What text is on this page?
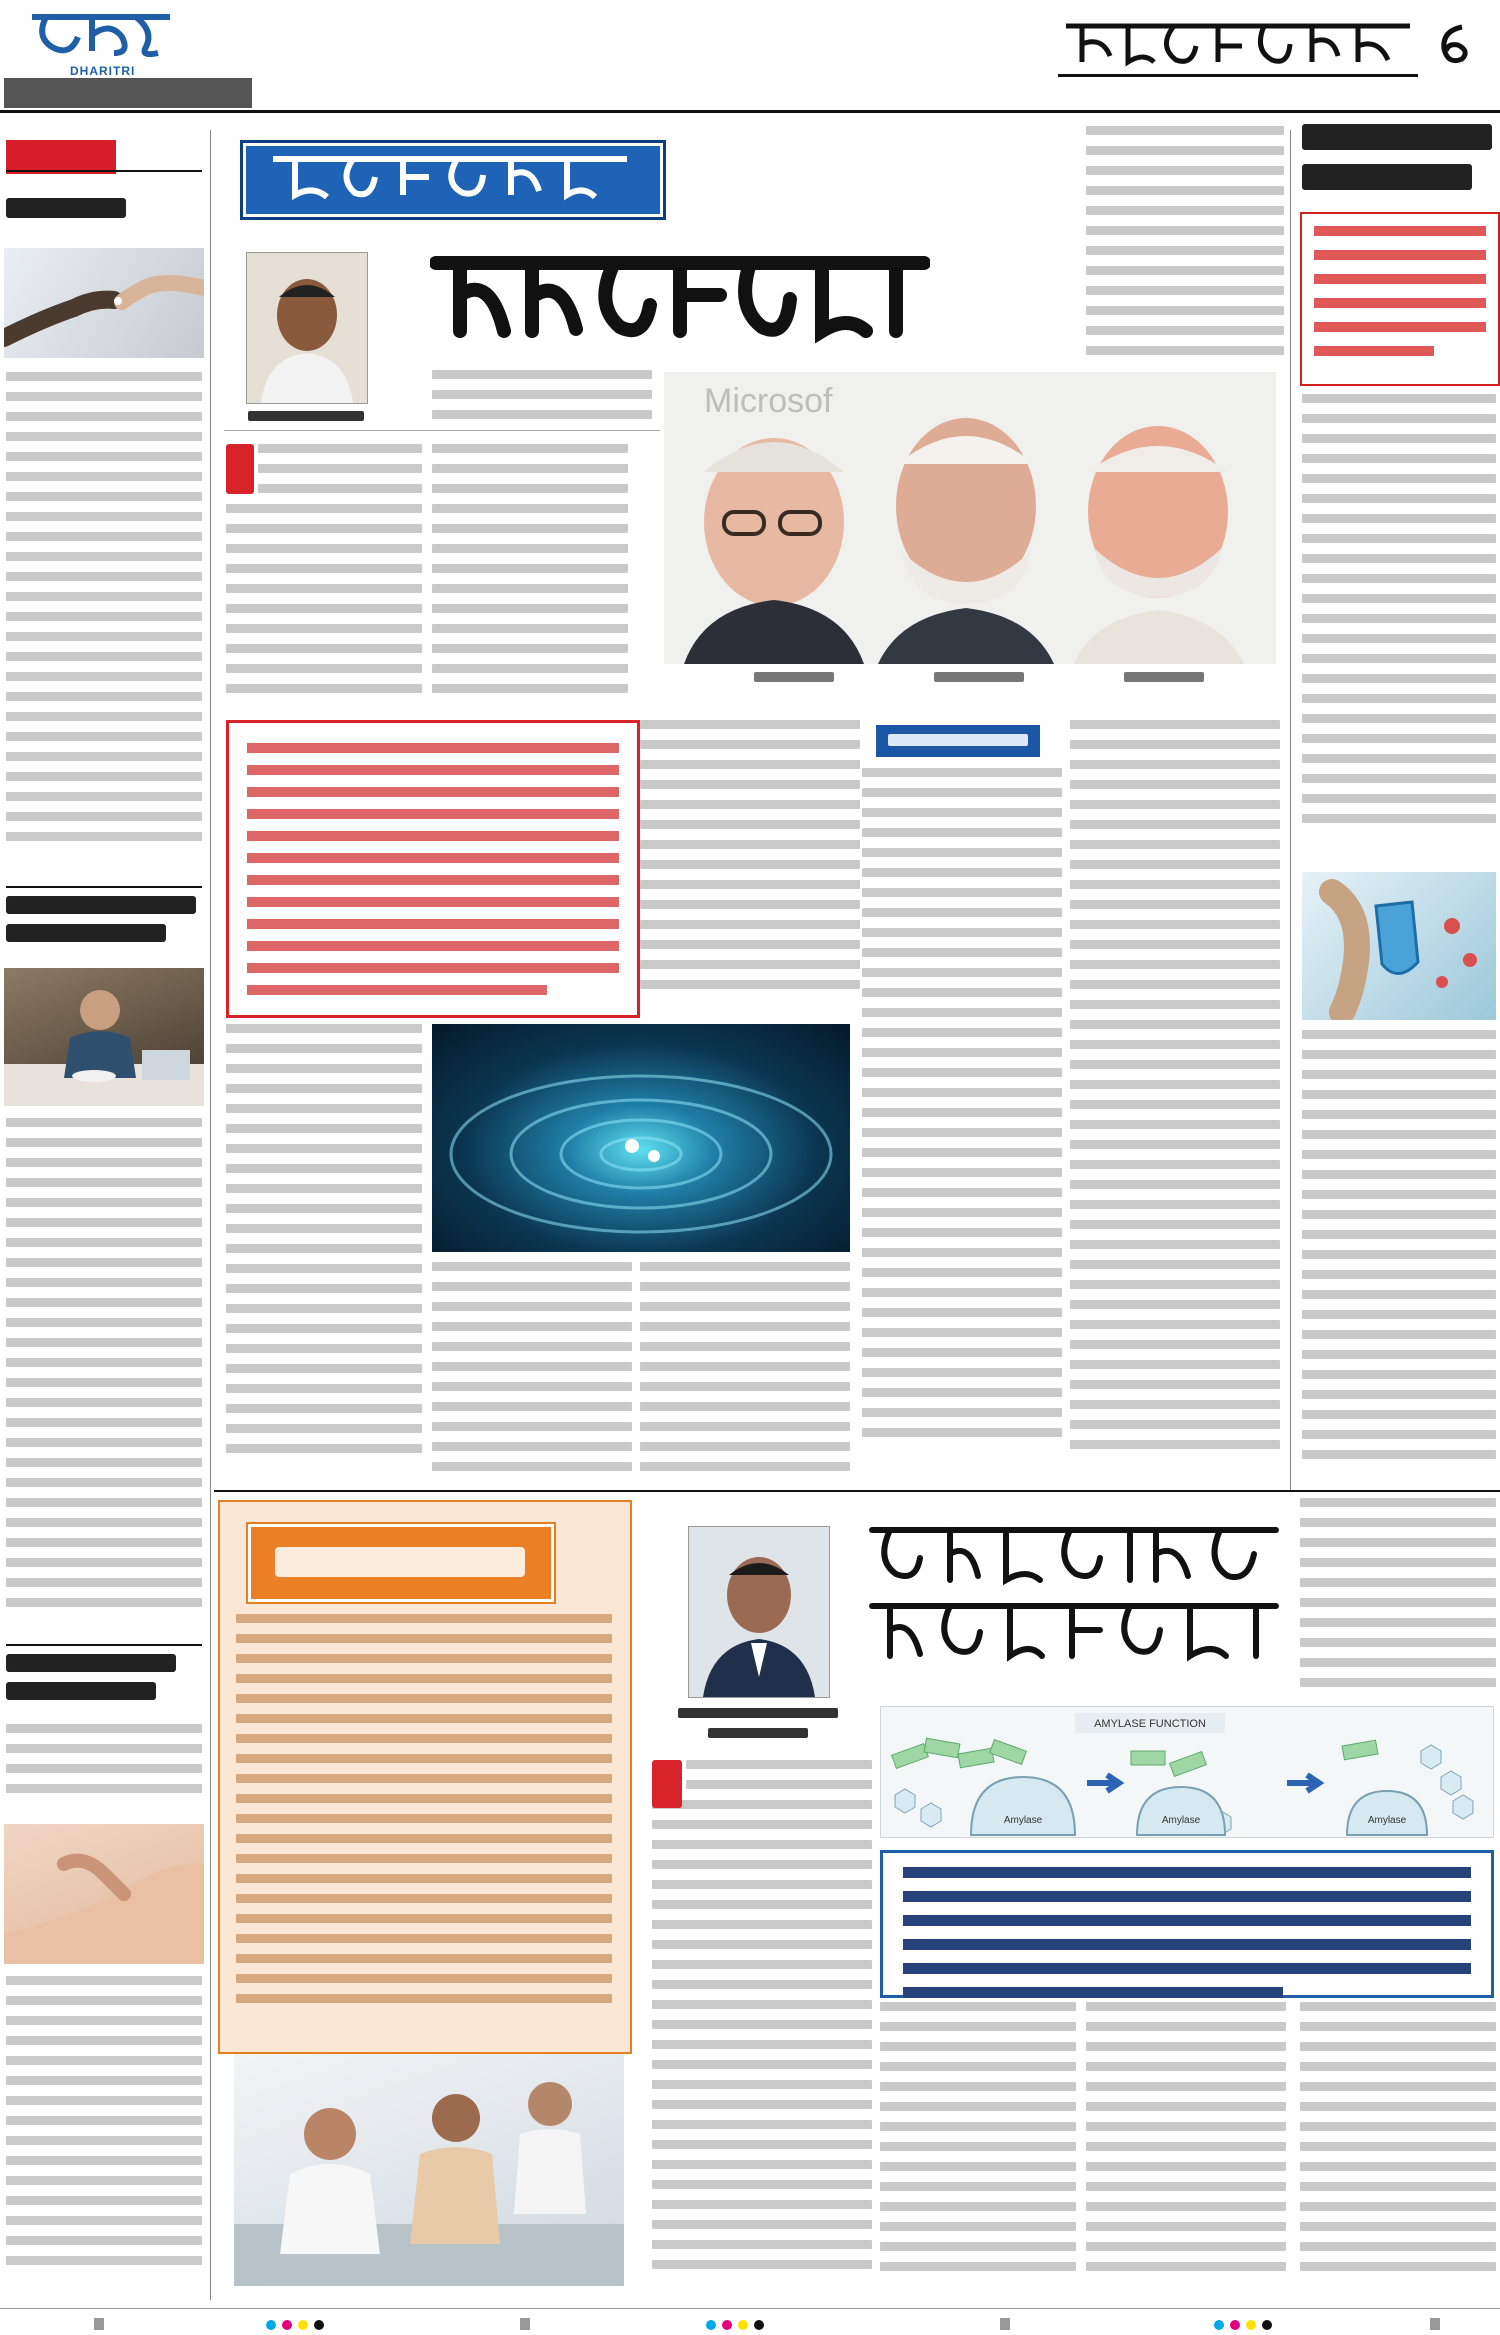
DHARITRI
Microsof
AMYLASE FUNCTION
Amylase	Amylase	Amylase
